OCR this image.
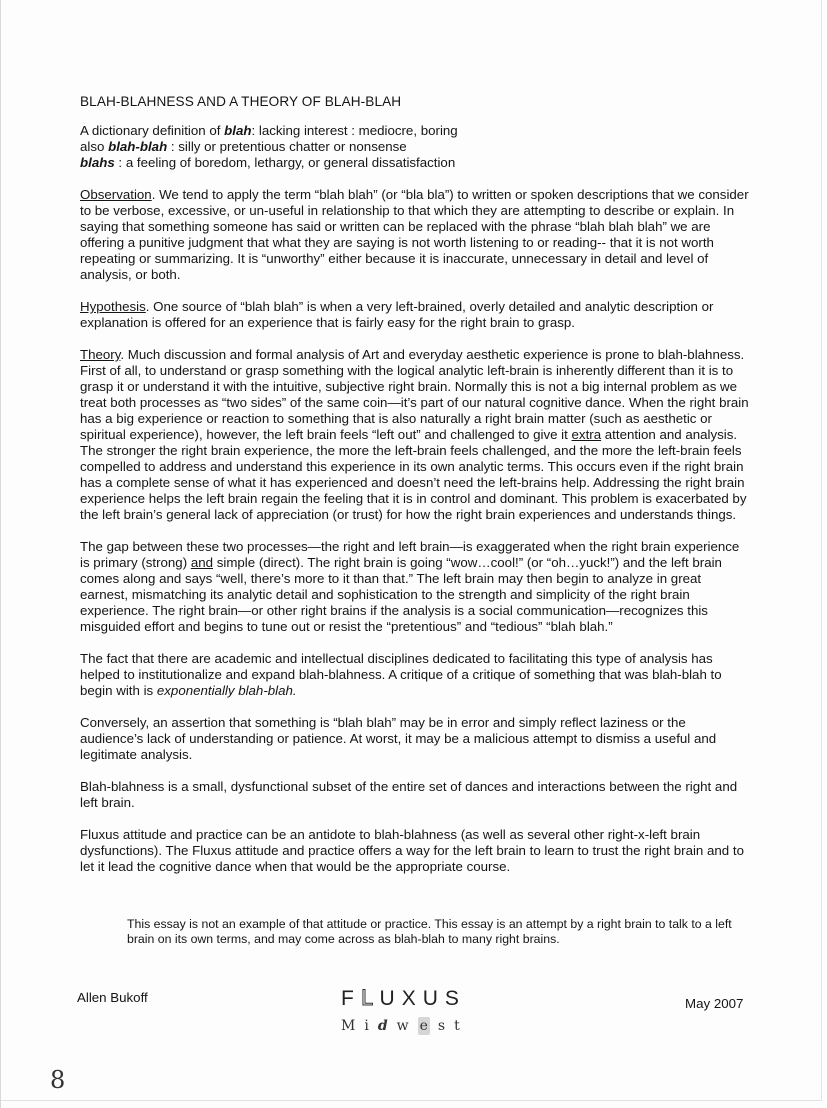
BLAH-BLAHNESS AND A THEORY OF BLAH-BLAH

A dictionary definition of blah: lacking interest : mediocre, boring

also blah-blah : silly or pretentious chatter or nonsense

blahs : a feeling of boredom, lethargy, or general dissatisfaction

Observation. We tend to apply the term “blah blah” (or “bla bla”) to written or spoken descriptions that we consider to be verbose, excessive, or un-useful in relationship to that which they are attempting to describe or explain. In saying that something someone has said or written can be replaced with the phrase “blah blah blah” we are offering a punitive judgment that what they are saying is not worth listening to or reading-- that it is not worth repeating or summarizing. It is “unworthy” either because it is inaccurate, unnecessary in detail and level of analysis, or both.

Hypothesis. One source of “blah blah” is when a very left-brained, overly detailed and analytic description or explanation is offered for an experience that is fairly easy for the right brain to grasp.

Theory. Much discussion and formal analysis of Art and everyday aesthetic experience is prone to blah-blahness. First of all, to understand or grasp something with the logical analytic left-brain is inherently different than it is to grasp it or understand it with the intuitive, subjective right brain. Normally this is not a big internal problem as we treat both processes as “two sides” of the same coin—it’s part of our natural cognitive dance. When the right brain has a big experience or reaction to something that is also naturally a right brain matter (such as aesthetic or spiritual experience), however, the left brain feels “left out” and challenged to give it extra attention and analysis. The stronger the right brain experience, the more the left-brain feels challenged, and the more the left-brain feels compelled to address and understand this experience in its own analytic terms. This occurs even if the right brain has a complete sense of what it has experienced and doesn’t need the left-brains help. Addressing the right brain experience helps the left brain regain the feeling that it is in control and dominant. This problem is exacerbated by the left brain’s general lack of appreciation (or trust) for how the right brain experiences and understands things.

The gap between these two processes—the right and left brain—is exaggerated when the right brain experience is primary (strong) and simple (direct). The right brain is going “wow…cool!” (or “oh…yuck!”) and the left brain comes along and says “well, there’s more to it than that.” The left brain may then begin to analyze in great earnest, mismatching its analytic detail and sophistication to the strength and simplicity of the right brain experience. The right brain—or other right brains if the analysis is a social communication—recognizes this misguided effort and begins to tune out or resist the “pretentious” and “tedious” “blah blah.”

The fact that there are academic and intellectual disciplines dedicated to facilitating this type of analysis has helped to institutionalize and expand blah-blahness. A critique of a critique of something that was blah-blah to begin with is exponentially blah-blah.

Conversely, an assertion that something is “blah blah” may be in error and simply reflect laziness or the audience’s lack of understanding or patience. At worst, it may be a malicious attempt to dismiss a useful and legitimate analysis.

Blah-blahness is a small, dysfunctional subset of the entire set of dances and interactions between the right and left brain.

Fluxus attitude and practice can be an antidote to blah-blahness (as well as several other right-x-left brain dysfunctions). The Fluxus attitude and practice offers a way for the left brain to learn to trust the right brain and to let it lead the cognitive dance when that would be the appropriate course.

This essay is not an example of that attitude or practice. This essay is an attempt by a right brain to talk to a left brain on its own terms, and may come across as blah-blah to many right brains.

Allen Bukoff	FLUXUS
Midw e st
May 2007
8
